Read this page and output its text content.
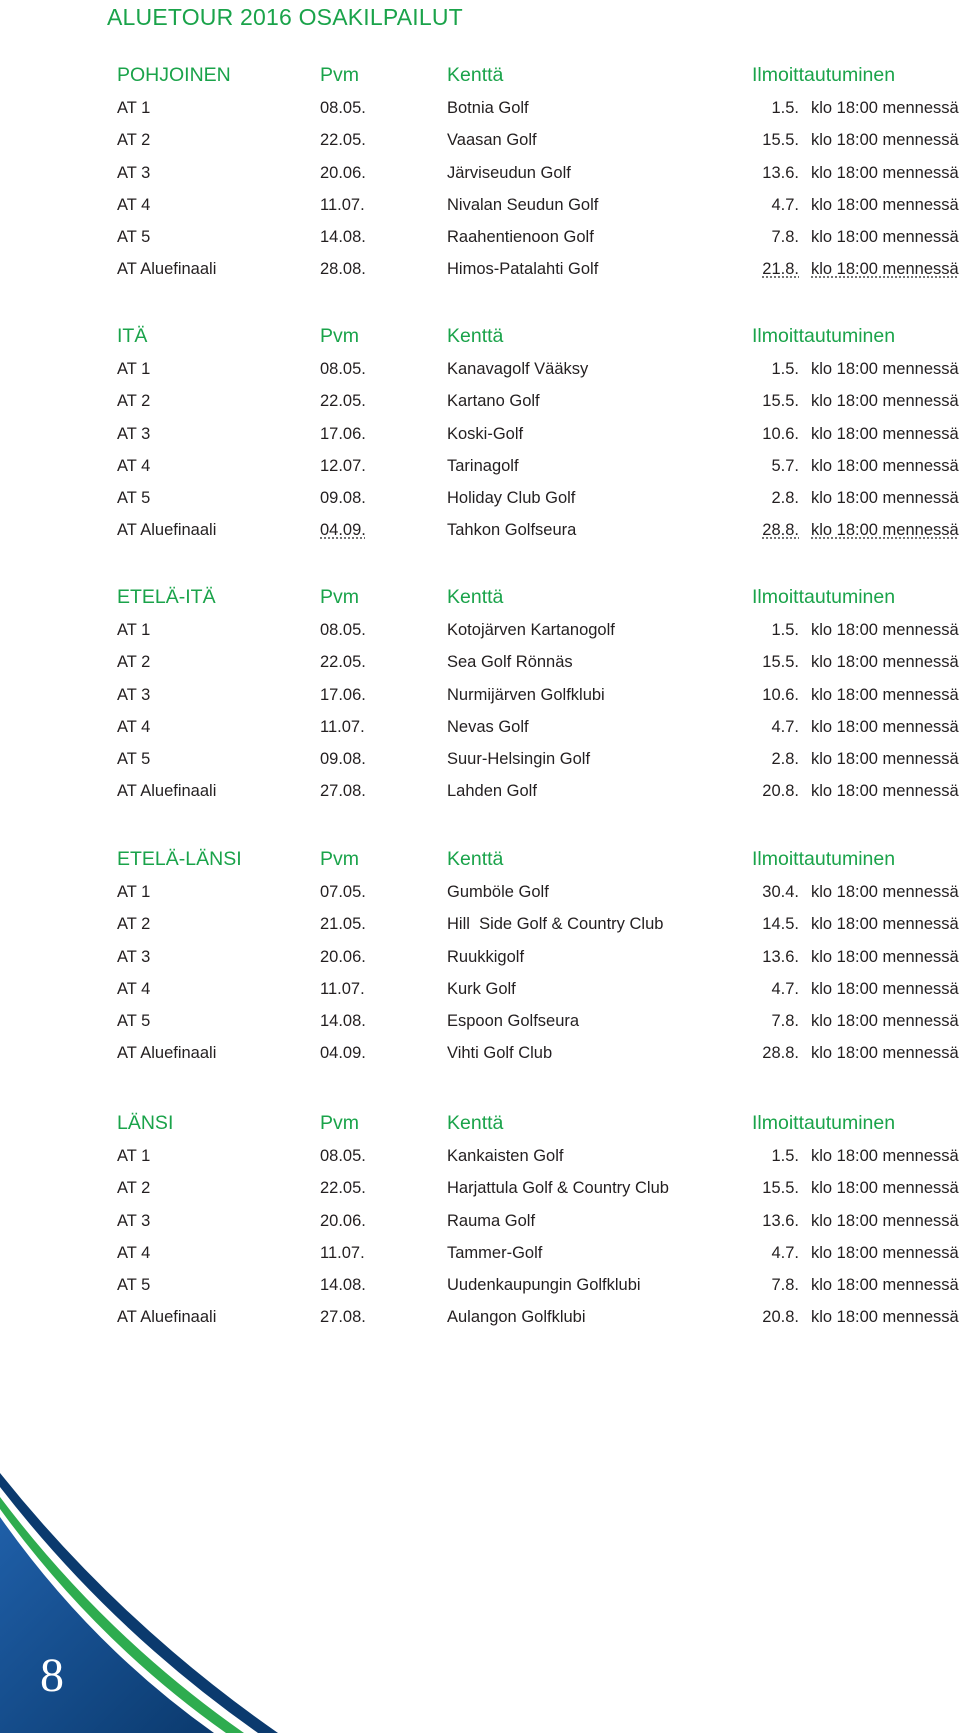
ALUETOUR 2016 OSAKILPAILUT
POHJOINEN	Pvm	Kenttä	Ilmoittautuminen
AT 1	08.05.	Botnia Golf	1.5. klo 18:00 mennessä
AT 2	22.05.	Vaasan Golf	15.5. klo 18:00 mennessä
AT 3	20.06.	Järviseudun Golf	13.6. klo 18:00 mennessä
AT 4	11.07.	Nivalan Seudun Golf	4.7. klo 18:00 mennessä
AT 5	14.08.	Raahentienoon Golf	7.8. klo 18:00 mennessä
AT Aluefinaali	28.08.	Himos-Patalahti Golf	21.8. klo 18:00 mennessä
ITÄ	Pvm	Kenttä	Ilmoittautuminen
AT 1	08.05.	Kanavagolf Vääksy	1.5. klo 18:00 mennessä
AT 2	22.05.	Kartano Golf	15.5. klo 18:00 mennessä
AT 3	17.06.	Koski-Golf	10.6. klo 18:00 mennessä
AT 4	12.07.	Tarinagolf	5.7. klo 18:00 mennessä
AT 5	09.08.	Holiday Club Golf	2.8. klo 18:00 mennessä
AT Aluefinaali	04.09.	Tahkon Golfseura	28.8. klo 18:00 mennessä
ETELÄ-ITÄ	Pvm	Kenttä	Ilmoittautuminen
AT 1	08.05.	Kotojärven Kartanogolf	1.5. klo 18:00 mennessä
AT 2	22.05.	Sea Golf Rönnäs	15.5. klo 18:00 mennessä
AT 3	17.06.	Nurmijärven Golfklubi	10.6. klo 18:00 mennessä
AT 4	11.07.	Nevas Golf	4.7. klo 18:00 mennessä
AT 5	09.08.	Suur-Helsingin Golf	2.8. klo 18:00 mennessä
AT Aluefinaali	27.08.	Lahden Golf	20.8. klo 18:00 mennessä
ETELÄ-LÄNSI	Pvm	Kenttä	Ilmoittautuminen
AT 1	07.05.	Gumböle Golf	30.4. klo 18:00 mennessä
AT 2	21.05.	Hill  Side Golf & Country Club	14.5. klo 18:00 mennessä
AT 3	20.06.	Ruukkigolf	13.6. klo 18:00 mennessä
AT 4	11.07.	Kurk Golf	4.7. klo 18:00 mennessä
AT 5	14.08.	Espoon Golfseura	7.8. klo 18:00 mennessä
AT Aluefinaali	04.09.	Vihti Golf Club	28.8. klo 18:00 mennessä
LÄNSI	Pvm	Kenttä	Ilmoittautuminen
AT 1	08.05.	Kankaisten Golf	1.5. klo 18:00 mennessä
AT 2	22.05.	Harjattula Golf & Country Club	15.5. klo 18:00 mennessä
AT 3	20.06.	Rauma Golf	13.6. klo 18:00 mennessä
AT 4	11.07.	Tammer-Golf	4.7. klo 18:00 mennessä
AT 5	14.08.	Uudenkaupungin Golfklubi	7.8. klo 18:00 mennessä
AT Aluefinaali	27.08.	Aulangon Golfklubi	20.8. klo 18:00 mennessä
8
